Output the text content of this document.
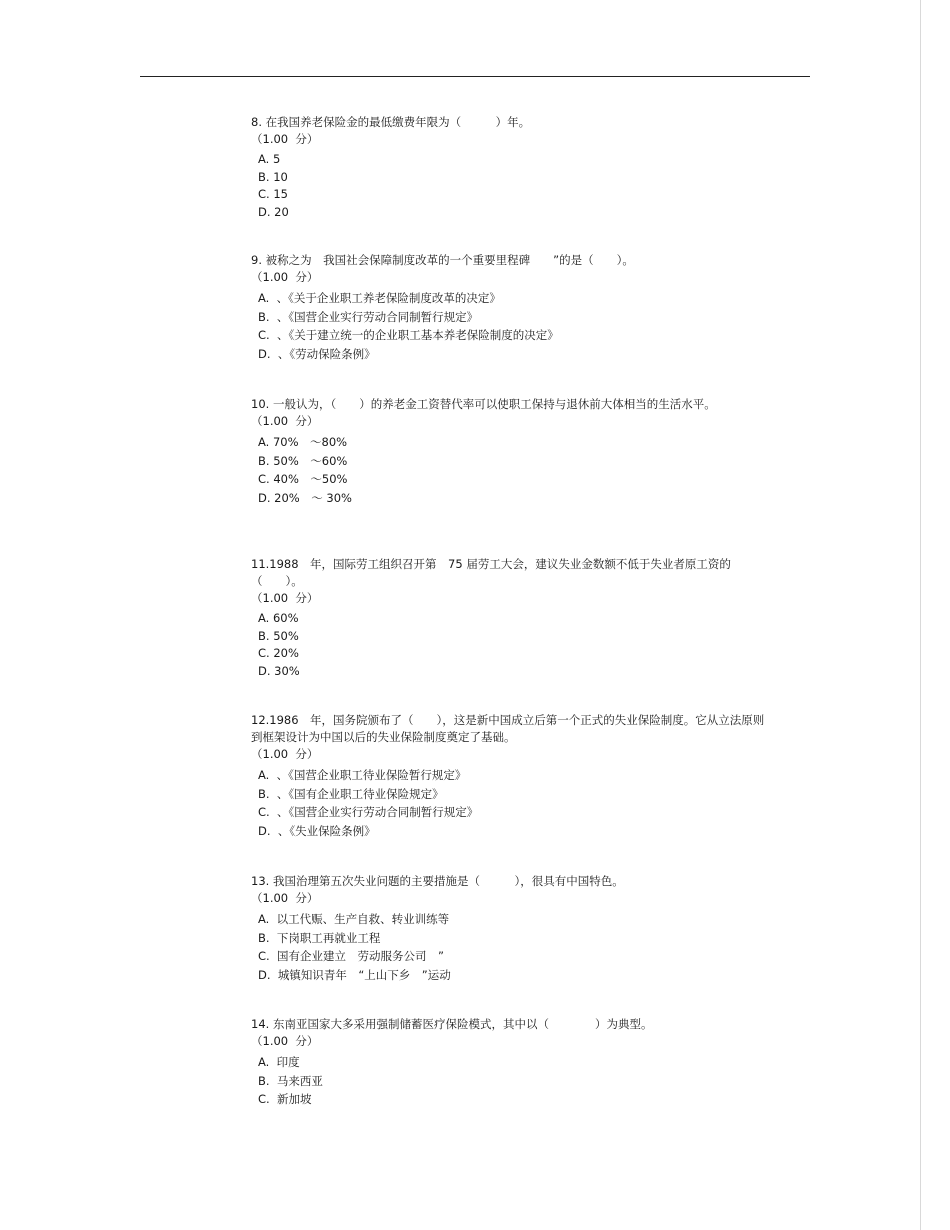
8. 在我国养老保险金的最低缴费年限为（　　　）年。

（1.00  分）

A. 5
B. 10
C. 15
D. 20

9. 被称之为　我国社会保障制度改革的一个重要里程碑　　”的是（　　）。

（1.00  分）

A.  、《关于企业职工养老保险制度改革的决定》
B.  、《国营企业实行劳动合同制暂行规定》
C.  、《关于建立统一的企业职工基本养老保险制度的决定》
D.  、《劳动保险条例》

10. 一般认为，（　　）的养老金工资替代率可以使职工保持与退休前大体相当的生活水平。

（1.00  分）

A. 70%　～80%
B. 50%　～60%
C. 40%　～50%
D. 20%　～ 30%

11.1988　年，国际劳工组织召开第　75 届劳工大会，建议失业金数额不低于失业者原工资的（　　）。

（1.00  分）

A. 60%
B. 50%
C. 20%
D. 30%

12.1986　年，国务院颁布了（　　），这是新中国成立后第一个正式的失业保险制度。它从立法原则到框架设计为中国以后的失业保险制度奠定了基础。

（1.00  分）

A.  、《国营企业职工待业保险暂行规定》
B.  、《国有企业职工待业保险规定》
C.  、《国营企业实行劳动合同制暂行规定》
D.  、《失业保险条例》

13. 我国治理第五次失业问题的主要措施是（　　　），很具有中国特色。

（1.00  分）

A.  以工代赈、生产自救、转业训练等
B.  下岗职工再就业工程
C.  国有企业建立　劳动服务公司　”
D.  城镇知识青年　“上山下乡　”运动

14. 东南亚国家大多采用强制储蓄医疗保险模式，其中以（　　　　）为典型。

（1.00  分）

A.  印度
B.  马来西亚
C.  新加坡
